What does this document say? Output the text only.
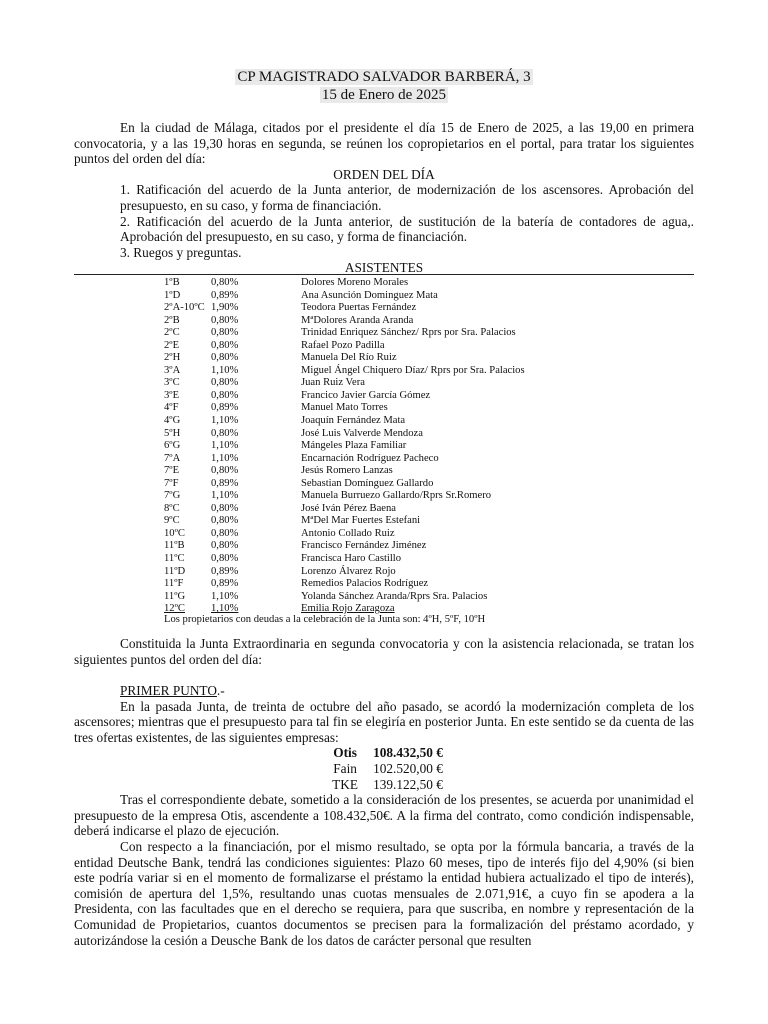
CP MAGISTRADO SALVADOR BARBERÁ, 3
15 de Enero de 2025
En la ciudad de Málaga, citados por el presidente el día 15 de Enero de 2025, a las 19,00 en primera convocatoria, y a las 19,30 horas en segunda, se reúnen los copropietarios en el portal, para tratar los siguientes puntos del orden del día:
ORDEN DEL DÍA
1. Ratificación del acuerdo de la Junta anterior, de modernización de los ascensores. Aprobación del presupuesto, en su caso, y forma de financiación.
2. Ratificación del acuerdo de la Junta anterior, de sustitución de la batería de contadores de agua,. Aprobación del presupuesto, en su caso, y forma de financiación.
3. Ruegos y preguntas.
ASISTENTES
1ºB	0,80%	Dolores Moreno Morales
1ºD	0,89%	Ana Asunción Dominguez Mata
2ºA-10ºC	1,90%	Teodora Puertas Fernández
2ºB	0,80%	MªDolores Aranda Aranda
2ºC	0,80%	Trinidad Enriquez Sánchez/ Rprs por Sra. Palacios
2ºE	0,80%	Rafael Pozo Padilla
2ºH	0,80%	Manuela Del Río Ruiz
3ºA	1,10%	Miguel Ángel Chiquero Díaz/ Rprs por Sra. Palacios
3ºC	0,80%	Juan Ruiz Vera
3ºE	0,80%	Francico Javier García Gómez
4ºF	0,89%	Manuel Mato Torres
4ºG	1,10%	Joaquín Fernández Mata
5ºH	0,80%	José Luis Valverde Mendoza
6ºG	1,10%	Mángeles Plaza Familiar
7ºA	1,10%	Encarnación Rodríguez Pacheco
7ºE	0,80%	Jesús Romero Lanzas
7ºF	0,89%	Sebastian Domínguez Gallardo
7ºG	1,10%	Manuela Burruezo Gallardo/Rprs Sr.Romero
8ºC	0,80%	José Iván Pérez Baena
9ºC	0,80%	MªDel Mar Fuertes Estefani
10ºC	0,80%	Antonio Collado Ruiz
11ºB	0,80%	Francisco Fernández Jiménez
11ºC	0,80%	Francisca Haro Castillo
11ºD	0,89%	Lorenzo Álvarez Rojo
11ºF	0,89%	Remedios Palacios Rodríguez
11ºG	1,10%	Yolanda Sánchez Aranda/Rprs Sra. Palacios
12ºC	1,10%	Emilia Rojo Zaragoza
Los propietarios con deudas a la celebración de la Junta son: 4ºH, 5ºF, 10ºH
Constituida la Junta Extraordinaria en segunda convocatoria y con la asistencia relacionada, se tratan los siguientes puntos del orden del día:
PRIMER PUNTO.-
En la pasada Junta, de treinta de octubre del año pasado, se acordó la modernización completa de los ascensores; mientras que el presupuesto para tal fin se elegiría en posterior Junta. En este sentido se da cuenta de las tres ofertas existentes, de las siguientes empresas:
Otis	108.432,50 €
Fain	102.520,00 €
TKE	139.122,50 €
Tras el correspondiente debate, sometido a la consideración de los presentes, se acuerda por unanimidad el presupuesto de la empresa Otis, ascendente a 108.432,50€. A la firma del contrato, como condición indispensable, deberá indicarse el plazo de ejecución.
Con respecto a la financiación, por el mismo resultado, se opta por la fórmula bancaria, a través de la entidad Deutsche Bank, tendrá las condiciones siguientes: Plazo 60 meses, tipo de interés fijo del 4,90% (si bien este podría variar si en el momento de formalizarse el préstamo la entidad hubiera actualizado el tipo de interés), comisión de apertura del 1,5%, resultando unas cuotas mensuales de 2.071,91€, a cuyo fin se apodera a la Presidenta, con las facultades que en el derecho se requiera, para que suscriba, en nombre y representación de la Comunidad de Propietarios, cuantos documentos se precisen para la formalización del préstamo acordado, y autorizándose la cesión a Deusche Bank de los datos de carácter personal que resulten
